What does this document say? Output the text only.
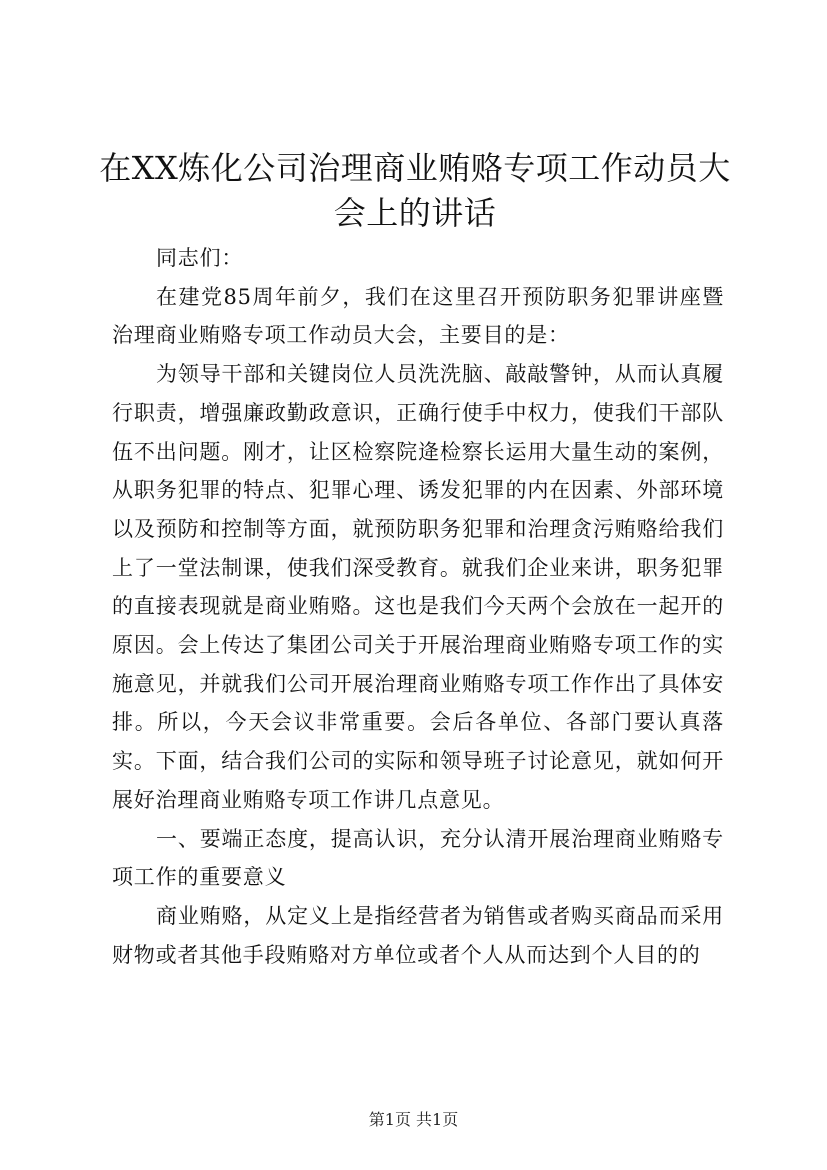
在XX炼化公司治理商业贿赂专项工作动员大会上的讲话

同志们：

在建党85周年前夕，我们在这里召开预防职务犯罪讲座暨治理商业贿赂专项工作动员大会，主要目的是：

为领导干部和关键岗位人员洗洗脑、敲敲警钟，从而认真履行职责，增强廉政勤政意识，正确行使手中权力，使我们干部队伍不出问题。刚才，让区检察院逄检察长运用大量生动的案例，从职务犯罪的特点、犯罪心理、诱发犯罪的内在因素、外部环境以及预防和控制等方面，就预防职务犯罪和治理贪污贿赂给我们上了一堂法制课，使我们深受教育。就我们企业来讲，职务犯罪的直接表现就是商业贿赂。这也是我们今天两个会放在一起开的原因。会上传达了集团公司关于开展治理商业贿赂专项工作的实施意见，并就我们公司开展治理商业贿赂专项工作作出了具体安排。所以，今天会议非常重要。会后各单位、各部门要认真落实。下面，结合我们公司的实际和领导班子讨论意见，就如何开展好治理商业贿赂专项工作讲几点意见。

一、要端正态度，提高认识，充分认清开展治理商业贿赂专项工作的重要意义

商业贿赂，从定义上是指经营者为销售或者购买商品而采用财物或者其他手段贿赂对方单位或者个人从而达到个人目的的

第1页 共1页
